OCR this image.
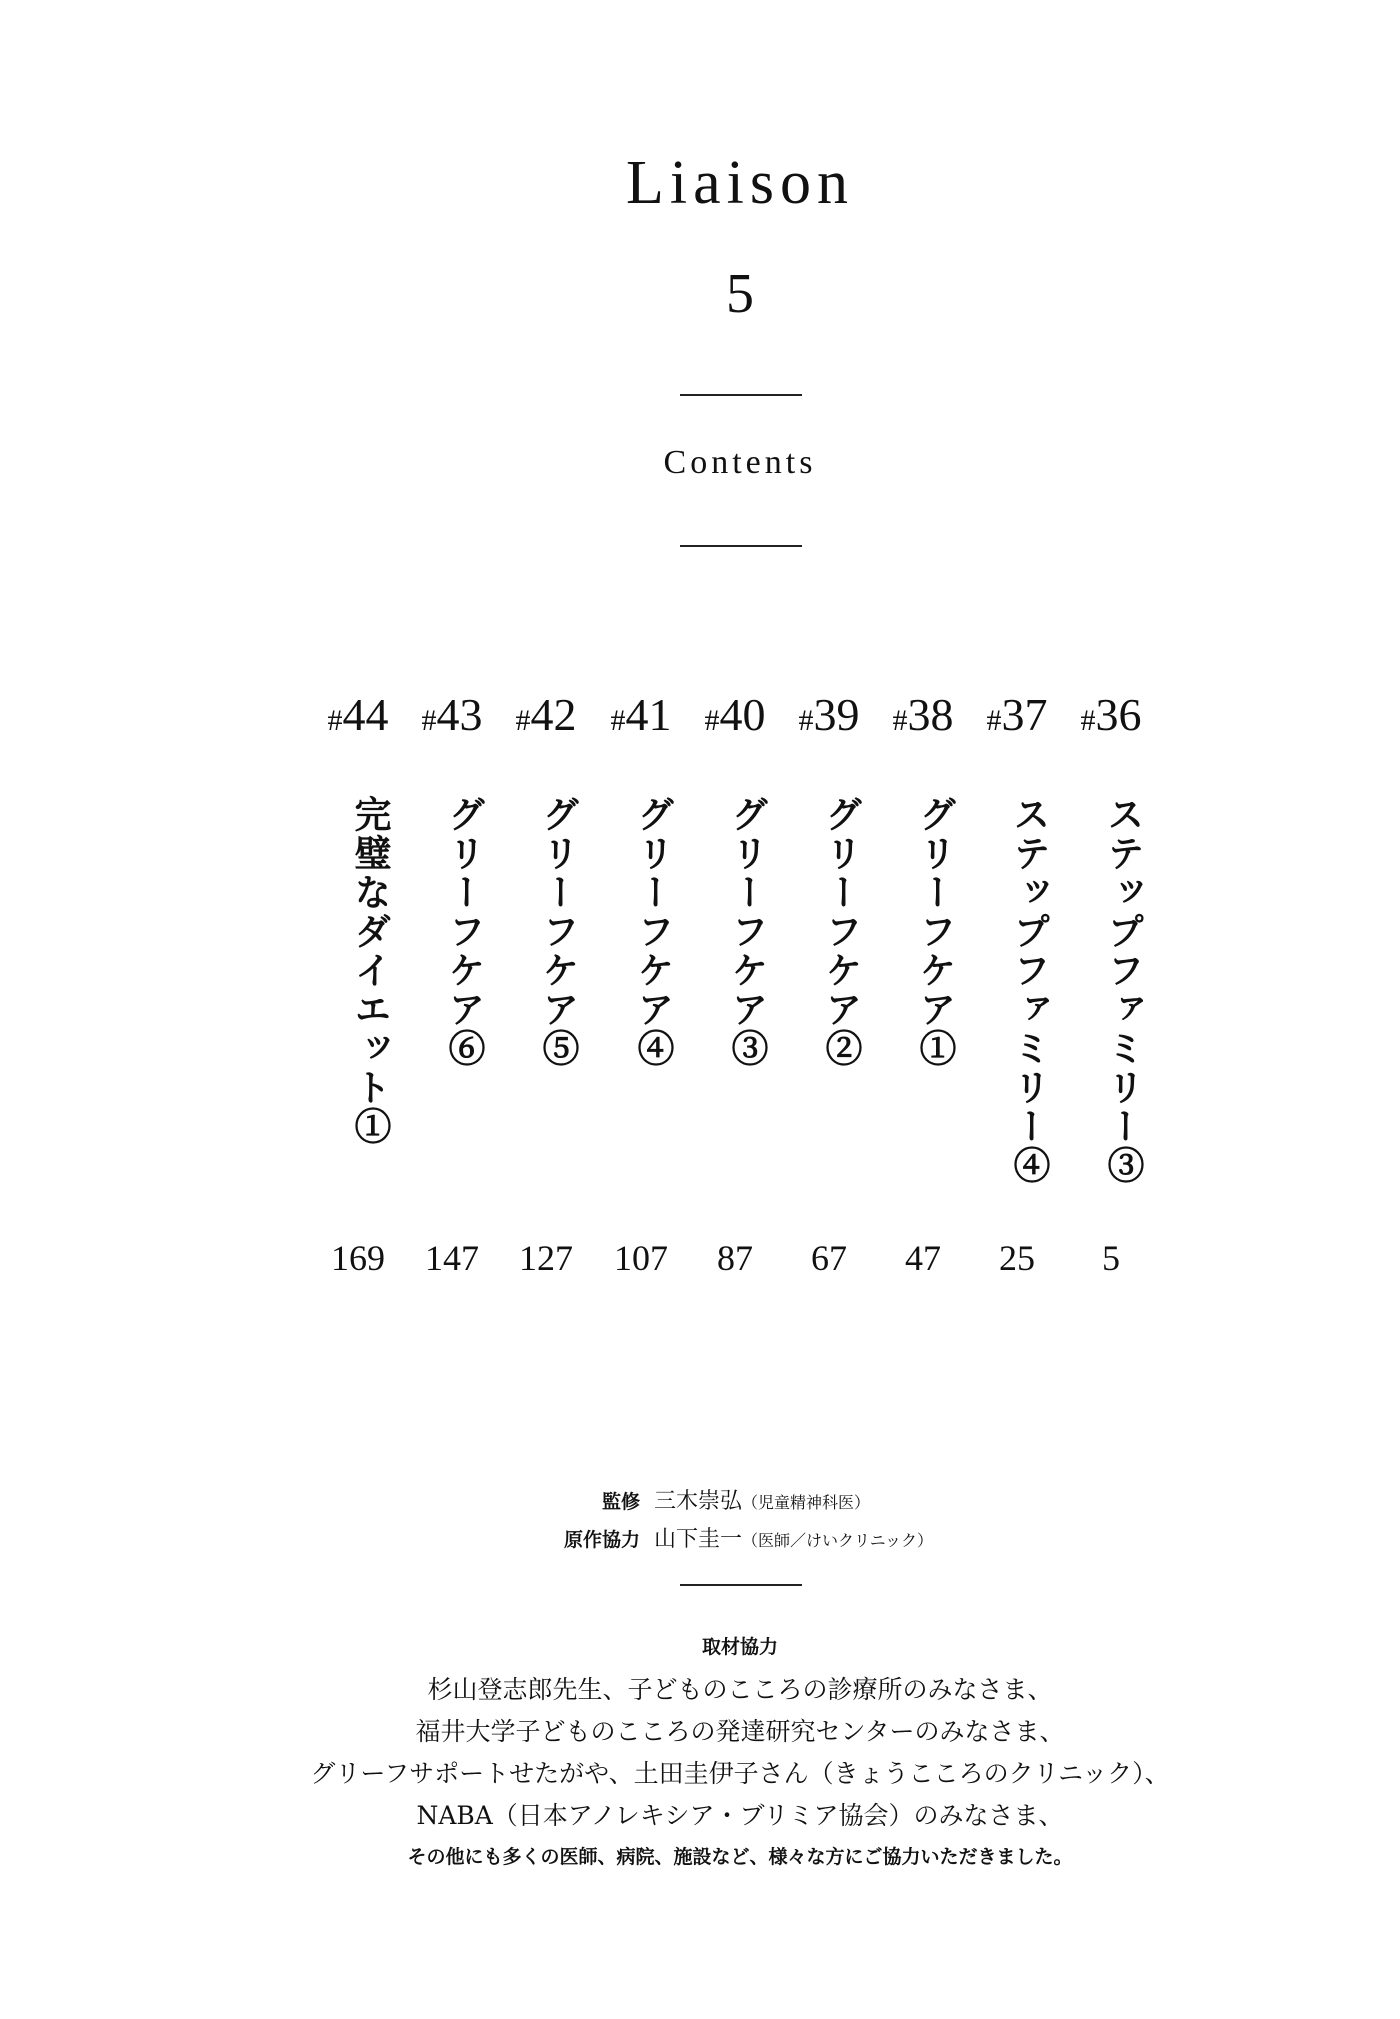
Liaison
5
Contents
#44
完璧なダイエット①
169
#43
グリーフケア⑥
147
#42
グリーフケア⑤
127
#41
グリーフケア④
107
#40
グリーフケア③
87
#39
グリーフケア②
67
#38
グリーフケア①
47
#37
ステップファミリー④
25
#36
ステップファミリー③
5
監修 三木崇弘（児童精神科医）
原作協力 山下圭一（医師／けいクリニック）
取材協力
杉山登志郎先生、子どものこころの診療所のみなさま、
福井大学子どものこころの発達研究センターのみなさま、
グリーフサポートせたがや、土田圭伊子さん（きょうこころのクリニック）、
NABA（日本アノレキシア・ブリミア協会）のみなさま、
その他にも多くの医師、病院、施設など、様々な方にご協力いただきました。
